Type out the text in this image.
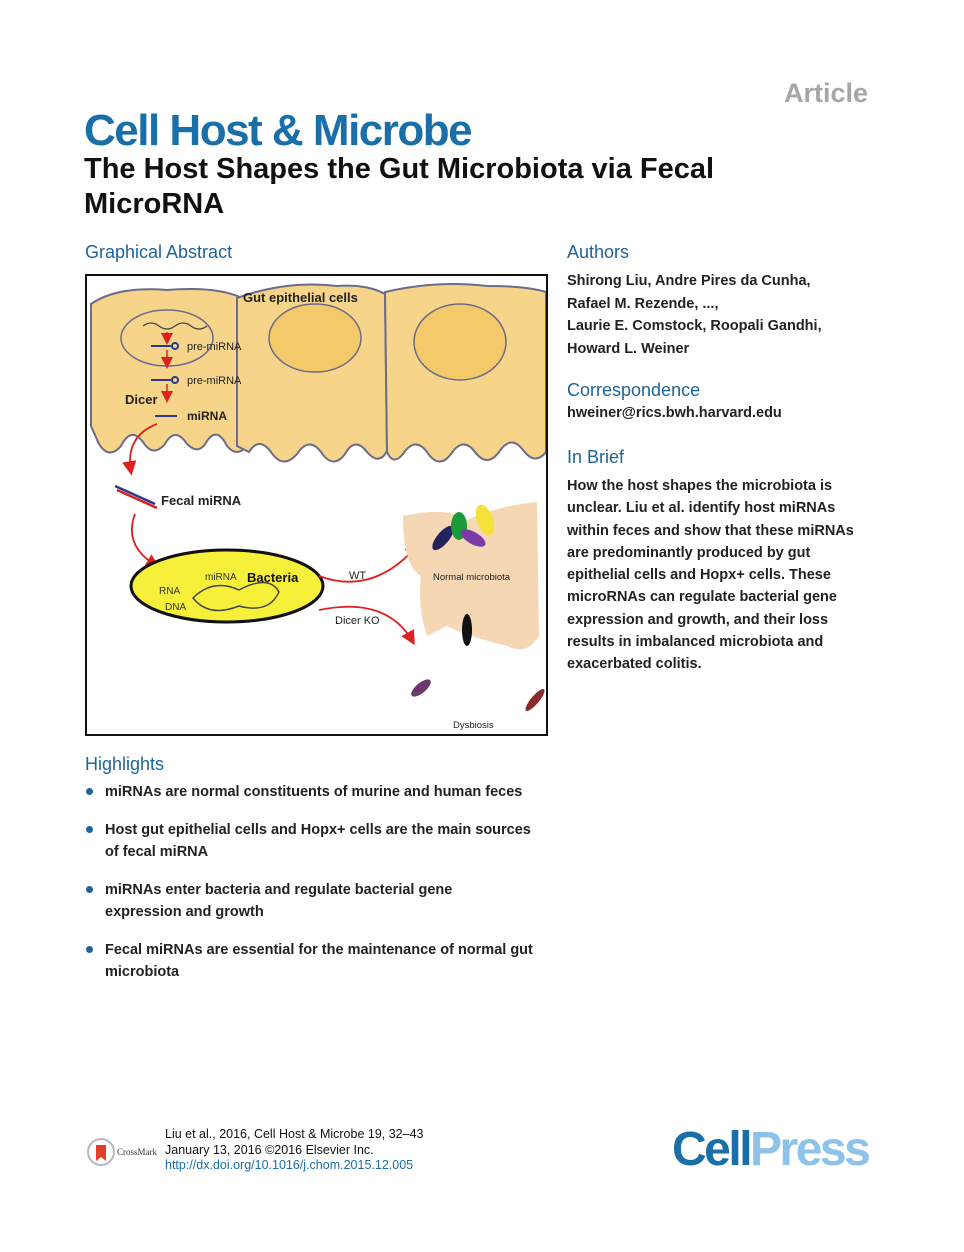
Article
Cell Host & Microbe
The Host Shapes the Gut Microbiota via Fecal MicroRNA
Graphical Abstract
pre-miRNA
pre-miRNA
Dicer
miRNA
Gut epithelial cells
Fecal miRNA
Bacteria
miRNA
RNA
DNA
WT
Dicer KO
Normal microbiota
Dysbiosis
Authors
Shirong Liu, Andre Pires da Cunha,
Rafael M. Rezende, ...,
Laurie E. Comstock, Roopali Gandhi,
Howard L. Weiner
Correspondence
hweiner@rics.bwh.harvard.edu
In Brief
How the host shapes the microbiota is
unclear. Liu et al. identify host miRNAs
within feces and show that these miRNAs
are predominantly produced by gut
epithelial cells and Hopx+ cells. These
microRNAs can regulate bacterial gene
expression and growth, and their loss
results in imbalanced microbiota and
exacerbated colitis.
Highlights
miRNAs are normal constituents of murine and human feces
Host gut epithelial cells and Hopx+ cells are the main sources
of fecal miRNA
miRNAs enter bacteria and regulate bacterial gene
expression and growth
Fecal miRNAs are essential for the maintenance of normal gut
microbiota
CrossMark
Liu et al., 2016, Cell Host & Microbe 19, 32–43
January 13, 2016 ©2016 Elsevier Inc.
http://dx.doi.org/10.1016/j.chom.2015.12.005	CellPress
